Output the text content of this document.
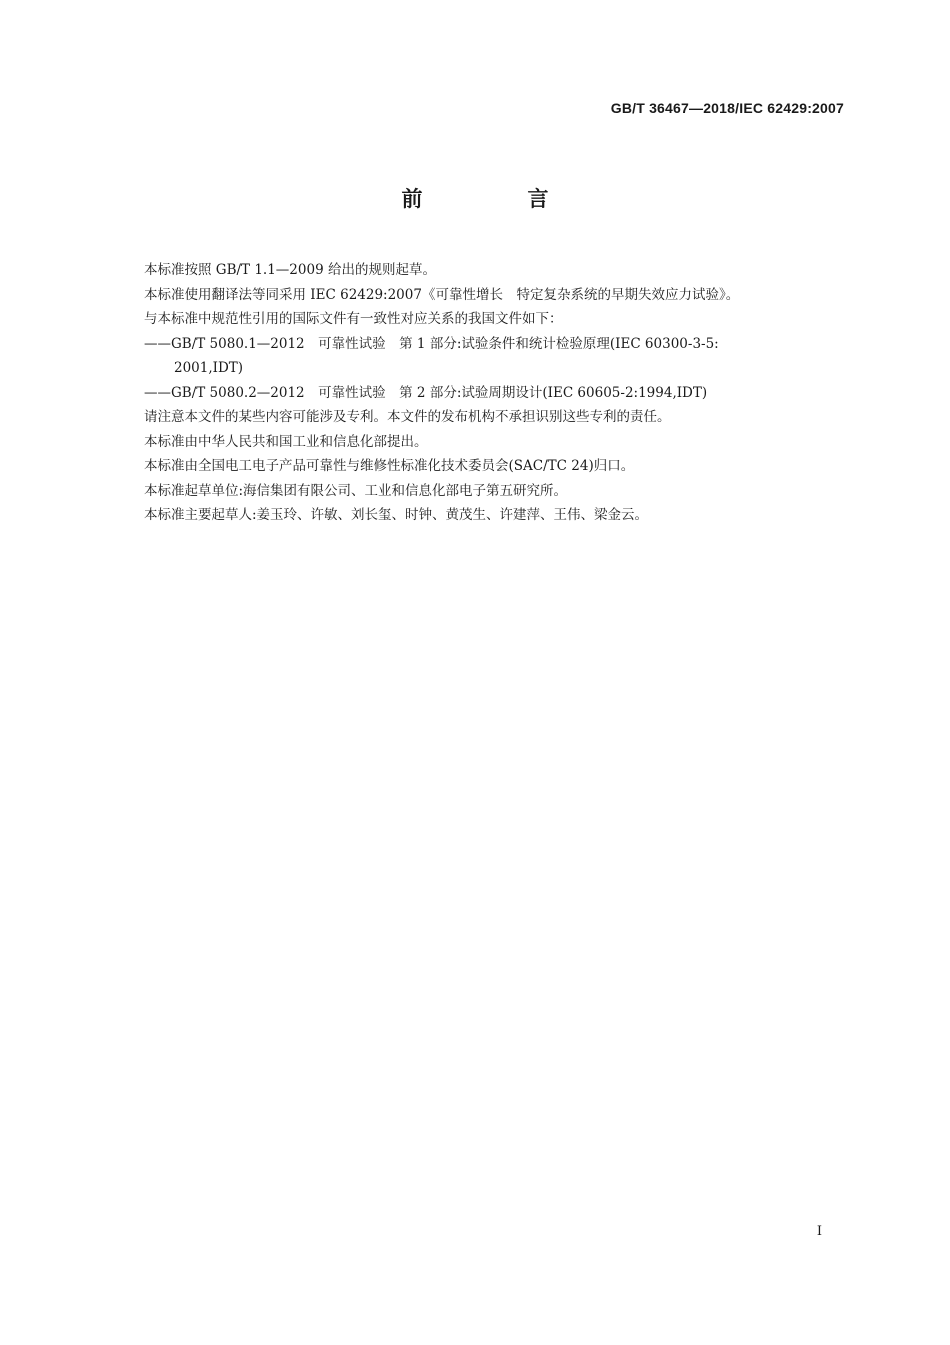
GB/T 36467—2018/IEC 62429:2007
前　言

本标准按照 GB/T 1.1—2009 给出的规则起草。

本标准使用翻译法等同采用 IEC 62429:2007《可靠性增长　特定复杂系统的早期失效应力试验》。

与本标准中规范性引用的国际文件有一致性对应关系的我国文件如下：

——GB/T 5080.1—2012　可靠性试验　第 1 部分:试验条件和统计检验原理(IEC 60300-3-5:

2001,IDT)

——GB/T 5080.2—2012　可靠性试验　第 2 部分:试验周期设计(IEC 60605-2:1994,IDT)

请注意本文件的某些内容可能涉及专利。本文件的发布机构不承担识别这些专利的责任。

本标准由中华人民共和国工业和信息化部提出。

本标准由全国电工电子产品可靠性与维修性标准化技术委员会(SAC/TC 24)归口。

本标准起草单位:海信集团有限公司、工业和信息化部电子第五研究所。

本标准主要起草人:姜玉玲、许敏、刘长玺、时钟、黄茂生、许建萍、王伟、梁金云。

I
